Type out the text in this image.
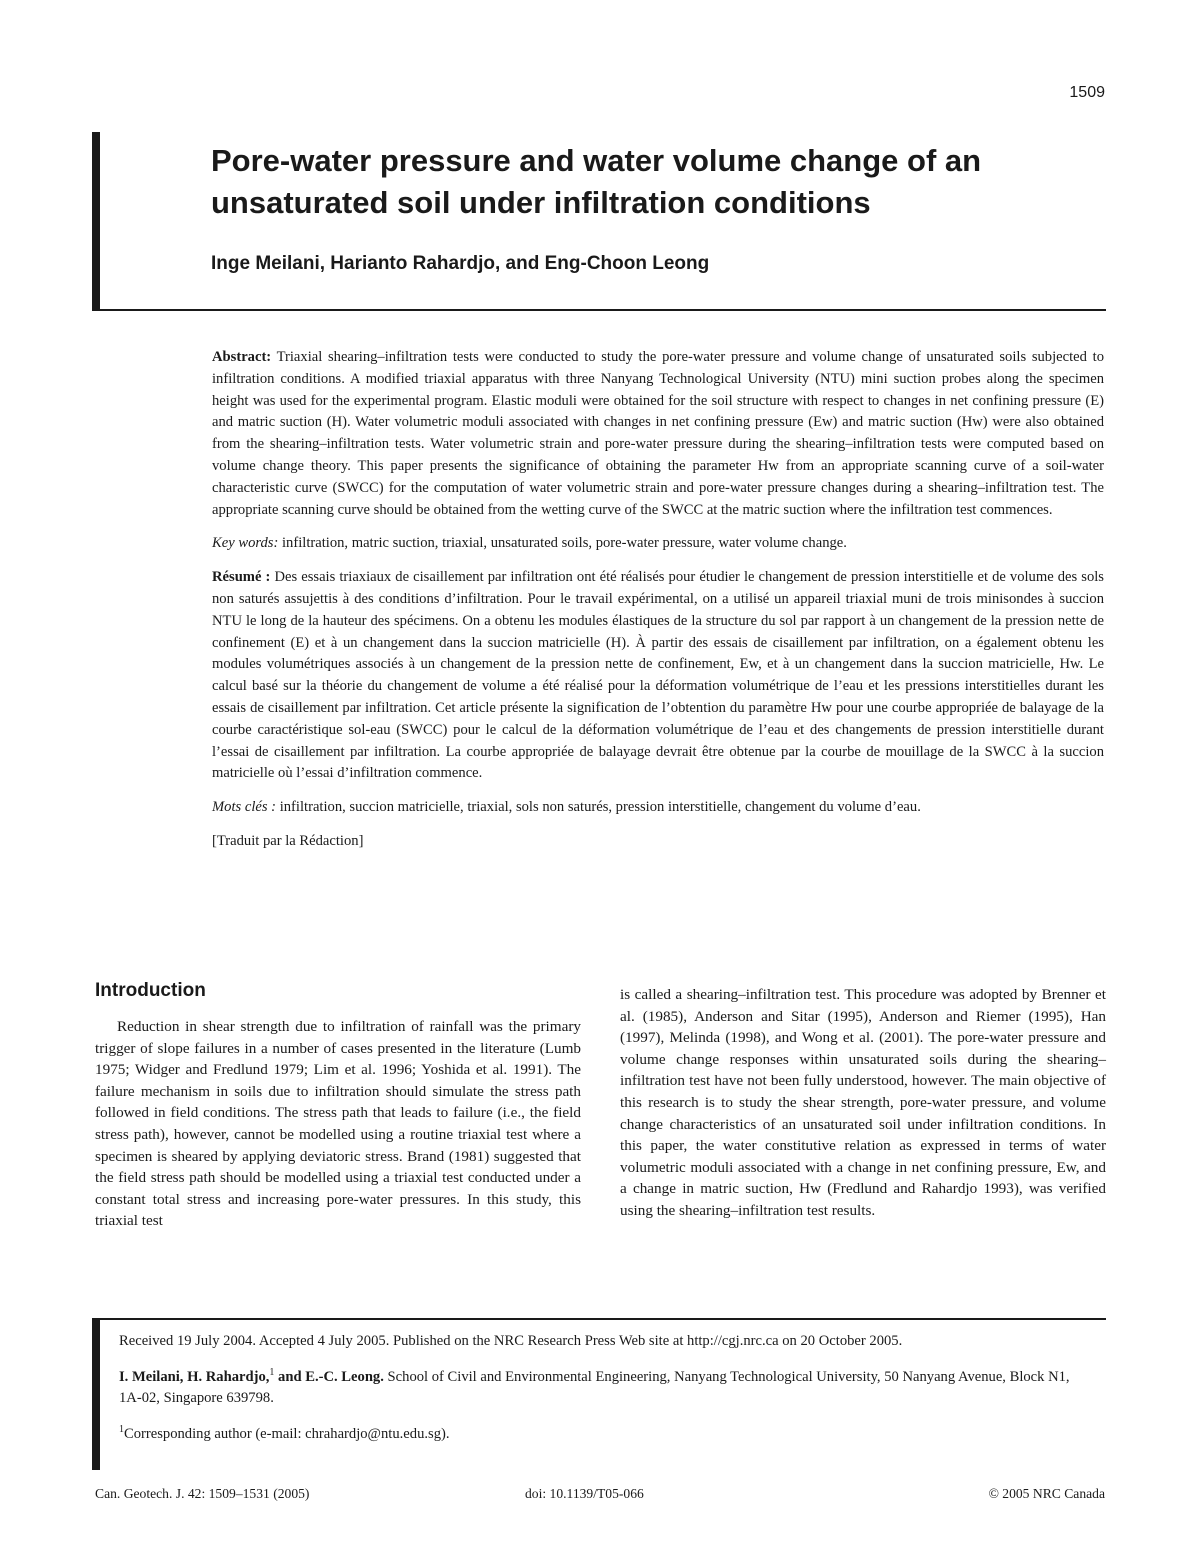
1509
Pore-water pressure and water volume change of an unsaturated soil under infiltration conditions
Inge Meilani, Harianto Rahardjo, and Eng-Choon Leong

Abstract: Triaxial shearing–infiltration tests were conducted to study the pore-water pressure and volume change of unsaturated soils subjected to infiltration conditions. A modified triaxial apparatus with three Nanyang Technological University (NTU) mini suction probes along the specimen height was used for the experimental program. Elastic moduli were obtained for the soil structure with respect to changes in net confining pressure (E) and matric suction (H). Water volumetric moduli associated with changes in net confining pressure (Ew) and matric suction (Hw) were also obtained from the shearing–infiltration tests. Water volumetric strain and pore-water pressure during the shearing–infiltration tests were computed based on volume change theory. This paper presents the significance of obtaining the parameter Hw from an appropriate scanning curve of a soil-water characteristic curve (SWCC) for the computation of water volumetric strain and pore-water pressure changes during a shearing–infiltration test. The appropriate scanning curve should be obtained from the wetting curve of the SWCC at the matric suction where the infiltration test commences.

Key words: infiltration, matric suction, triaxial, unsaturated soils, pore-water pressure, water volume change.

Résumé : Des essais triaxiaux de cisaillement par infiltration ont été réalisés pour étudier le changement de pression interstitielle et de volume des sols non saturés assujettis à des conditions d’infiltration. Pour le travail expérimental, on a utilisé un appareil triaxial muni de trois minisondes à succion NTU le long de la hauteur des spécimens. On a obtenu les modules élastiques de la structure du sol par rapport à un changement de la pression nette de confinement (E) et à un changement dans la succion matricielle (H). À partir des essais de cisaillement par infiltration, on a également obtenu les modules volumétriques associés à un changement de la pression nette de confinement, Ew, et à un changement dans la succion matricielle, Hw. Le calcul basé sur la théorie du changement de volume a été réalisé pour la déformation volumétrique de l’eau et les pressions interstitielles durant les essais de cisaillement par infiltration. Cet article présente la signification de l’obtention du paramètre Hw pour une courbe appropriée de balayage de la courbe caractéristique sol-eau (SWCC) pour le calcul de la déformation volumétrique de l’eau et des changements de pression interstitielle durant l’essai de cisaillement par infiltration. La courbe appropriée de balayage devrait être obtenue par la courbe de mouillage de la SWCC à la succion matricielle où l’essai d’infiltration commence.

Mots clés : infiltration, succion matricielle, triaxial, sols non saturés, pression interstitielle, changement du volume d’eau.

[Traduit par la Rédaction]

Introduction

Reduction in shear strength due to infiltration of rainfall was the primary trigger of slope failures in a number of cases presented in the literature (Lumb 1975; Widger and Fredlund 1979; Lim et al. 1996; Yoshida et al. 1991). The failure mechanism in soils due to infiltration should simulate the stress path followed in field conditions. The stress path that leads to failure (i.e., the field stress path), however, cannot be modelled using a routine triaxial test where a specimen is sheared by applying deviatoric stress. Brand (1981) suggested that the field stress path should be modelled using a triaxial test conducted under a constant total stress and increasing pore-water pressures. In this study, this triaxial test

is called a shearing–infiltration test. This procedure was adopted by Brenner et al. (1985), Anderson and Sitar (1995), Anderson and Riemer (1995), Han (1997), Melinda (1998), and Wong et al. (2001). The pore-water pressure and volume change responses within unsaturated soils during the shearing–infiltration test have not been fully understood, however. The main objective of this research is to study the shear strength, pore-water pressure, and volume change characteristics of an unsaturated soil under infiltration conditions. In this paper, the water constitutive relation as expressed in terms of water volumetric moduli associated with a change in net confining pressure, Ew, and a change in matric suction, Hw (Fredlund and Rahardjo 1993), was verified using the shearing–infiltration test results.

Received 19 July 2004. Accepted 4 July 2005. Published on the NRC Research Press Web site at http://cgj.nrc.ca on 20 October 2005.

I. Meilani, H. Rahardjo,$^1$ and E.-C. Leong. School of Civil and Environmental Engineering, Nanyang Technological University, 50 Nanyang Avenue, Block N1, 1A-02, Singapore 639798.

$^1$Corresponding author (e-mail: chrahardjo@ntu.edu.sg).

Can. Geotech. J. 42: 1509–1531 (2005)	doi: 10.1139/T05-066	© 2005 NRC Canada
